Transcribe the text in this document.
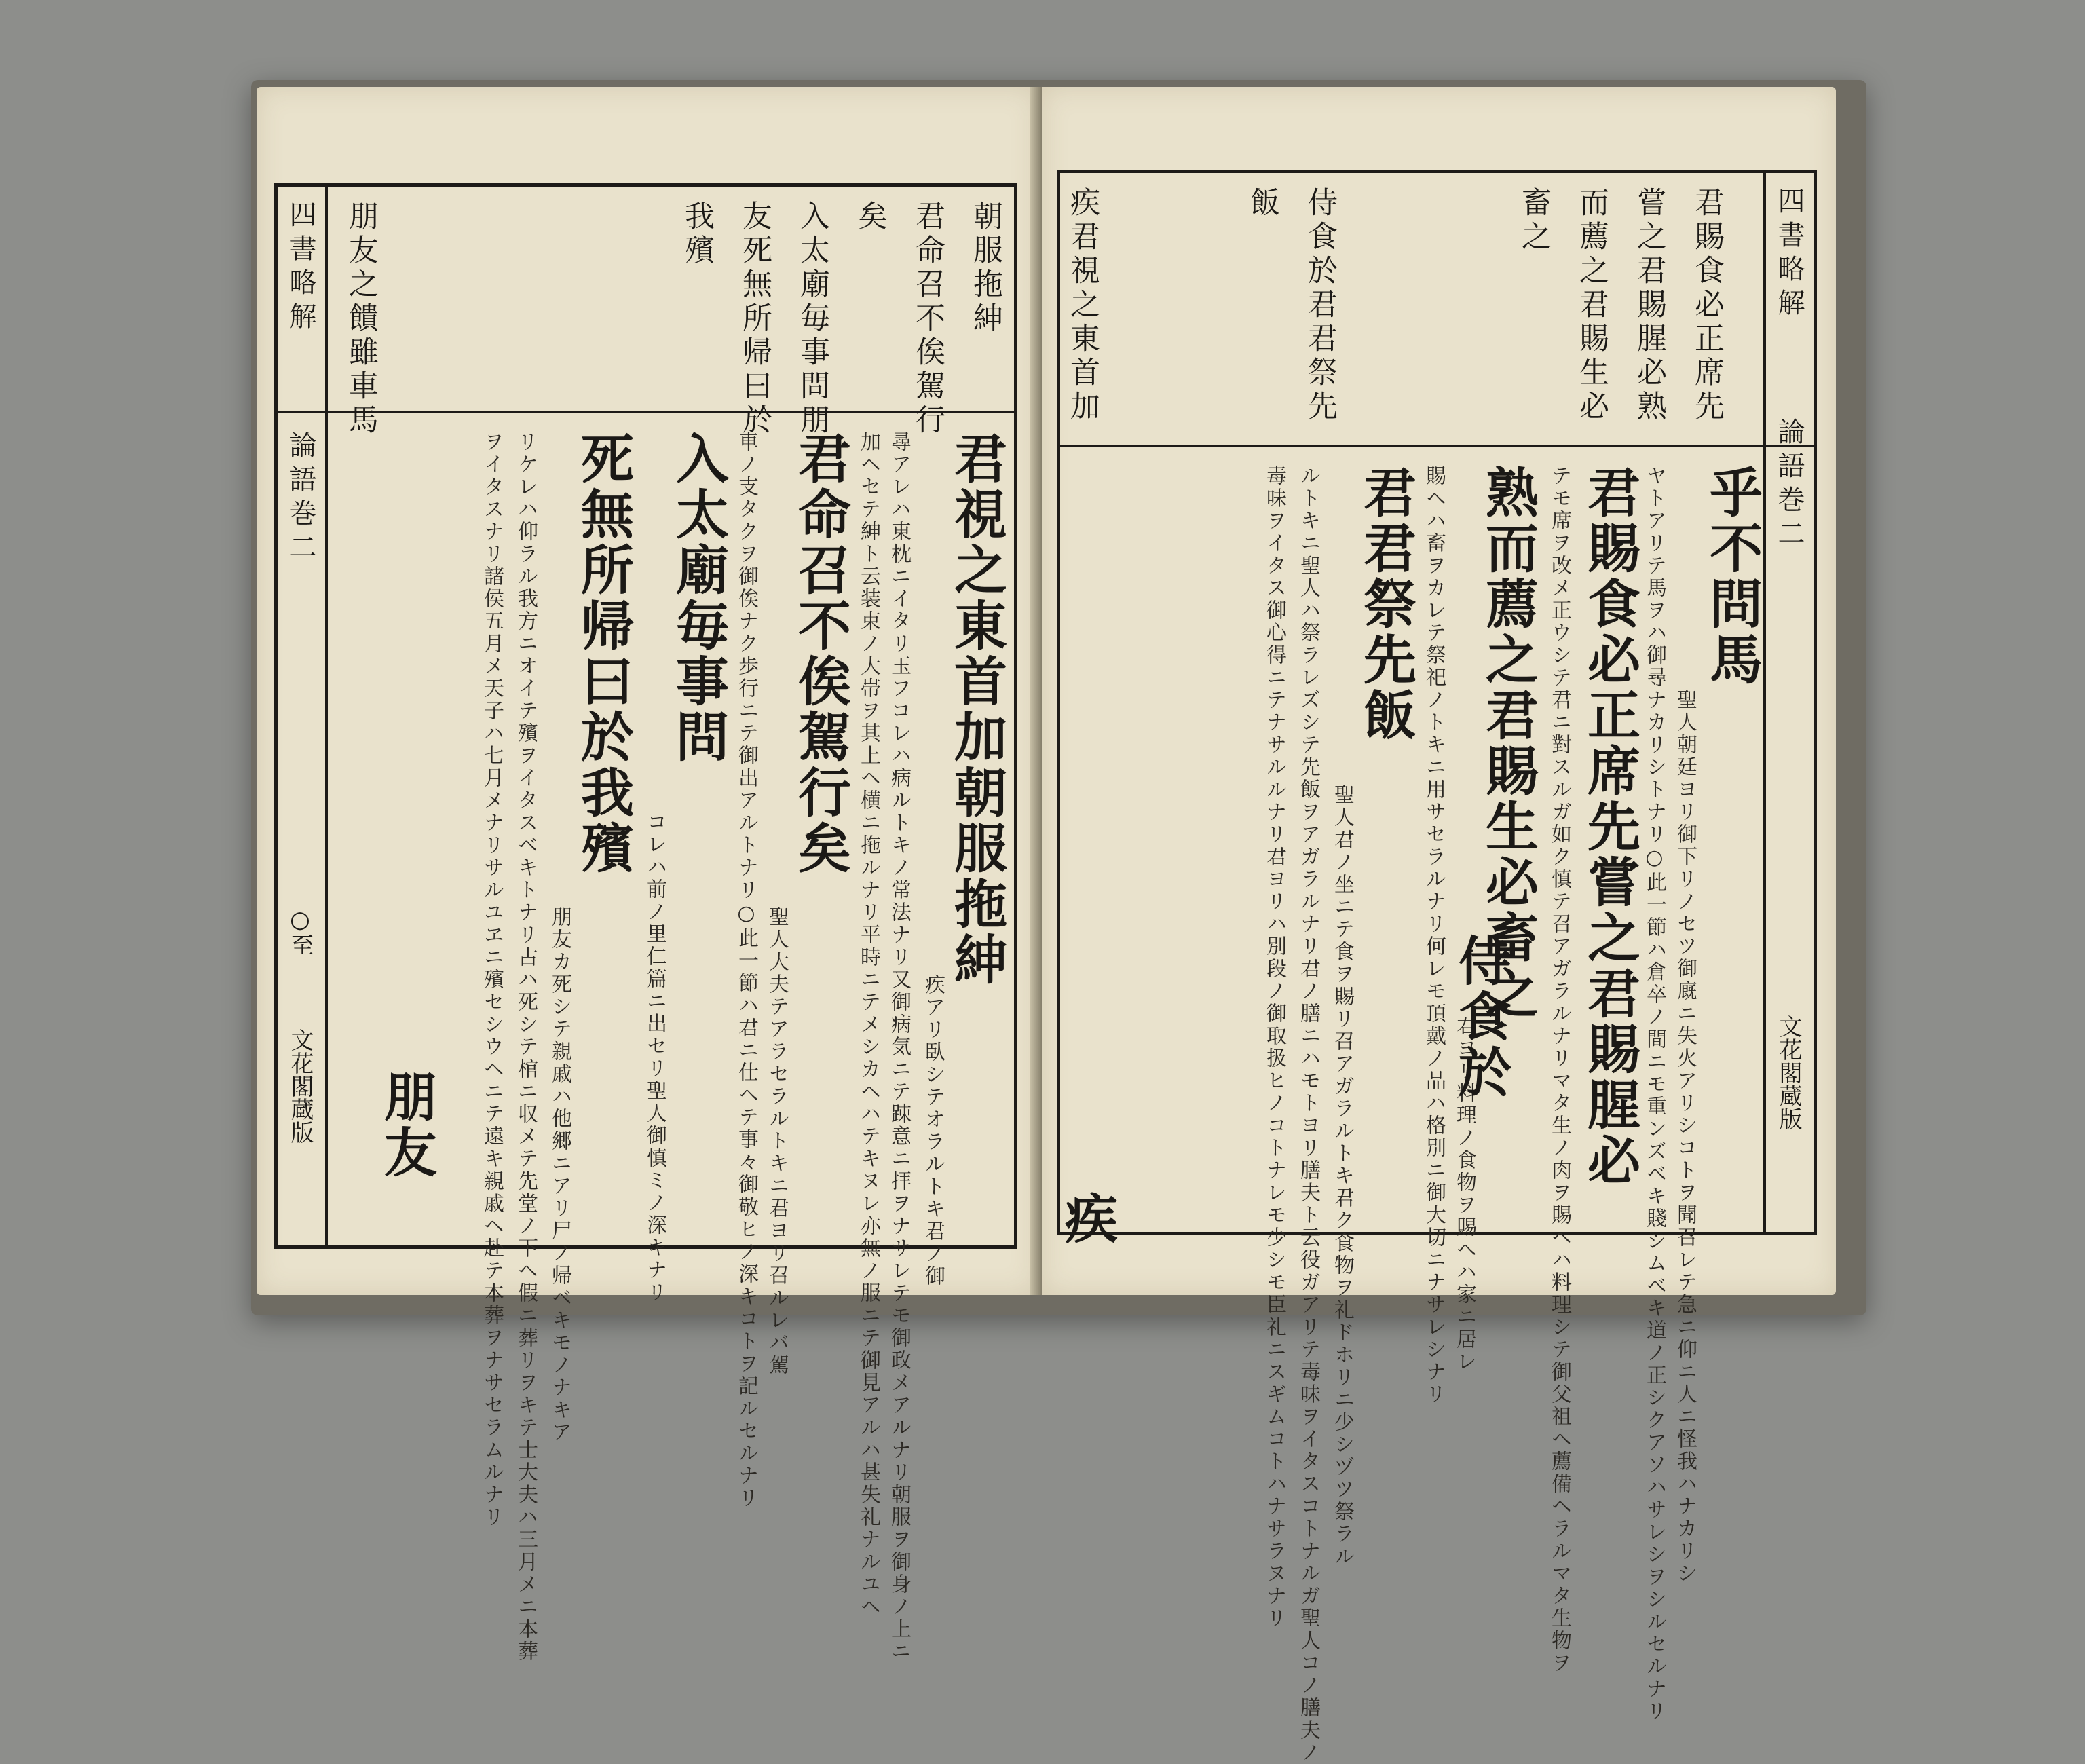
四書略解
論語巻二
○至
文花閣蔵版
朝服拖紳
君命召不俟駕行
矣
入太廟毎事問朋
友死無所帰曰於
我殯
朋友之饋雖車馬
君視之東首加朝服拖紳
疾アリ臥シテオラルトキ君ノ御
尋アレハ東枕ニイタリ玉フコレハ病ルトキノ常法ナリ又御病気ニテ踈意ニ拝ヲナサレテモ御政メアルナリ朝服ヲ御身ノ上ニ
加ヘセテ紳ト云装束ノ大帯ヲ其上ヘ横ニ拖ルナリ平時ニテメシカヘハテキヌレ亦無ノ服ニテ御見アルハ甚失礼ナルユヘ
君命召不俟駕行矣
聖人大夫テアラセラルトキニ君ヨリ召ルレバ駕
車ノ支タクヲ御俟ナク歩行ニテ御出アルトナリ○此一節ハ君ニ仕ヘテ事々御敬ヒノ深キコトヲ記ルセルナリ
入太廟毎事問
コレハ前ノ里仁篇ニ出セリ聖人御慎ミノ深キナリ
死無所帰曰於我殯
朋友カ死シテ親戚ハ他郷ニアリ尸ノ帰ベキモノナキア
リケレハ仰ラル我方ニオイテ殯ヲイタスベキトナリ古ハ死シテ棺ニ収メテ先堂ノ下ヘ假ニ葬リヲキテ士大夫ハ三月メニ本葬
ヲイタスナリ諸侯五月メ天子ハ七月メナリサルユヱニ殯セシウヘニテ遠キ親戚ヘ赴テ本葬ヲナサセラムルナリ
朋友
四書略解
論語巻二
文花閣蔵版
君賜食必正席先
嘗之君賜腥必熟
而薦之君賜生必
畜之
侍食於君君祭先
飯
疾君視之東首加
乎不問馬
聖人朝廷ヨリ御下リノセツ御廐ニ失火アリシコトヲ聞召レテ急ニ仰ニ人ニ怪我ハナカリシ
ヤトアリテ馬ヲハ御尋ナカリシトナリ○此一節ハ倉卒ノ間ニモ重ンズベキ賤シムベキ道ノ正シクアソハサレシヲシルセルナリ
君賜食必正席先嘗之君賜腥必
テモ席ヲ改メ正ウシテ君ニ對スルガ如ク慎テ召アガラルナリマタ生ノ肉ヲ賜ヘハ料理シテ御父祖ヘ薦備ヘラルマタ生物ヲ
熟而薦之君賜生必畜之
君ヨリ料理ノ食物ヲ賜ヘハ家ニ居レ
賜ヘハ畜ヲカレテ祭祀ノトキニ用サセラルナリ何レモ頂戴ノ品ハ格別ニ御大切ニナサレシナリ
君君祭先飯
聖人君ノ坐ニテ食ヲ賜リ召アガラルトキ君ク食物ヲ礼ドホリニ少シヅツ祭ラル
ルトキニ聖人ハ祭ラレズシテ先飯ヲアガラルナリ君ノ膳ニハモトヨリ膳夫ト云役ガアリテ毒味ヲイタスコトナルガ聖人コノ膳夫ノ
毒味ヲイタス御心得ニテナサルルナリ君ヨリハ別段ノ御取扱ヒノコトナレモ少シモ臣礼ニスギムコトハナサラヌナリ	侍食於
疾
